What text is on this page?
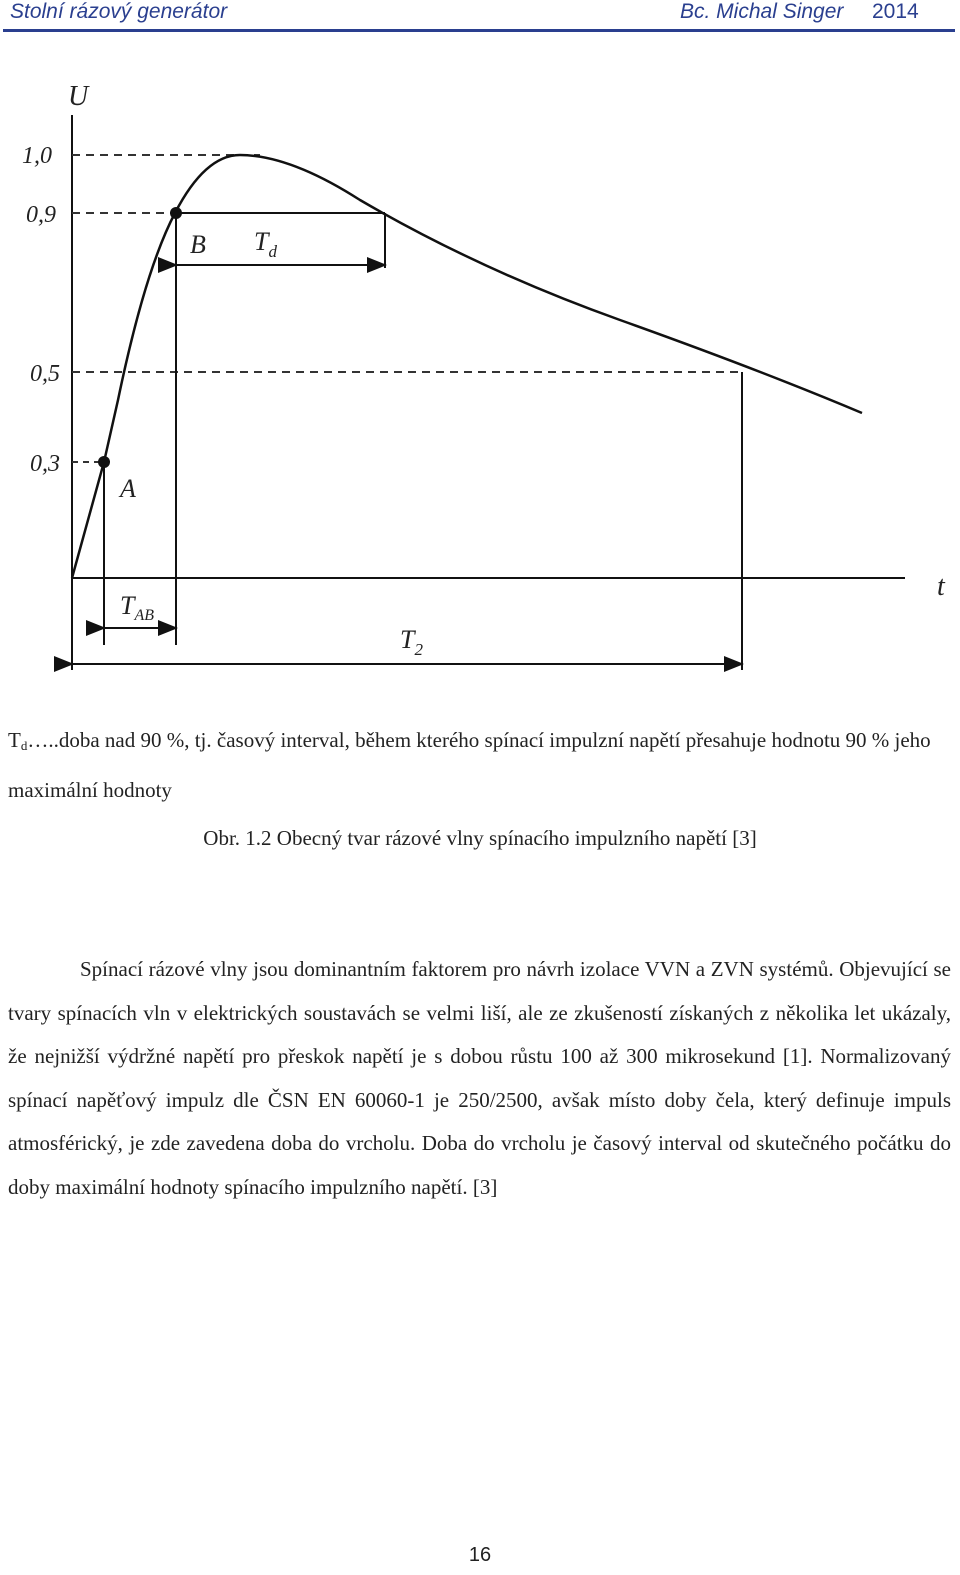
Stolní rázový generátor	Bc. Michal Singer 2014
U
t
1,0
0,9
0,5
0,3
A
B $T_d$
$T_{AB}$
$T_2$
$T_d\dots..doba$ nad 90 %, tj. časový interval, během kterého spínací impulzní napětí přesahuje hodnotu 90 % jeho maximální hodnoty
Obr. 1.2 Obecný tvar rázové vlny spínacího impulzního napětí [3]

Spínací rázové vlny jsou dominantním faktorem pro návrh izolace VVN a ZVN systémů. Objevující se tvary spínacích vln v elektrických soustavách se velmi liší, ale ze zkušeností získaných z několika let ukázaly, že nejnižší výdržné napětí pro přeskok napětí je s dobou růstu 100 až 300 mikrosekund [1]. Normalizovaný spínací napěťový impulz dle ČSN EN 60060-1 je 250/2500, avšak místo doby čela, který definuje impuls atmosférický, je zde zavedena doba do vrcholu. Doba do vrcholu je časový interval od skutečného počátku do doby maximální hodnoty spínacího impulzního napětí. [3]

16
